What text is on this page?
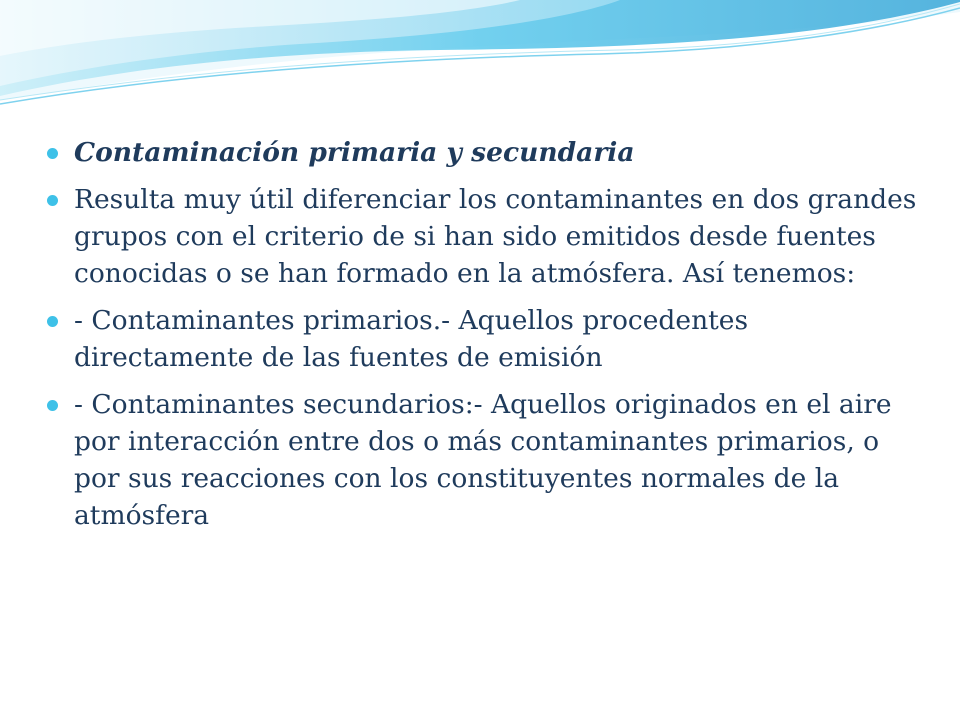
Contaminación primaria y secundaria
Resulta muy útil diferenciar los contaminantes en dos grandes grupos con el criterio de si han sido emitidos desde fuentes conocidas o se han formado en la atmósfera. Así tenemos:
- Contaminantes primarios.- Aquellos procedentes directamente de las fuentes de emisión
- Contaminantes secundarios:- Aquellos originados en el aire por interacción entre dos o más contaminantes primarios, o por sus reacciones con los constituyentes normales de la atmósfera
